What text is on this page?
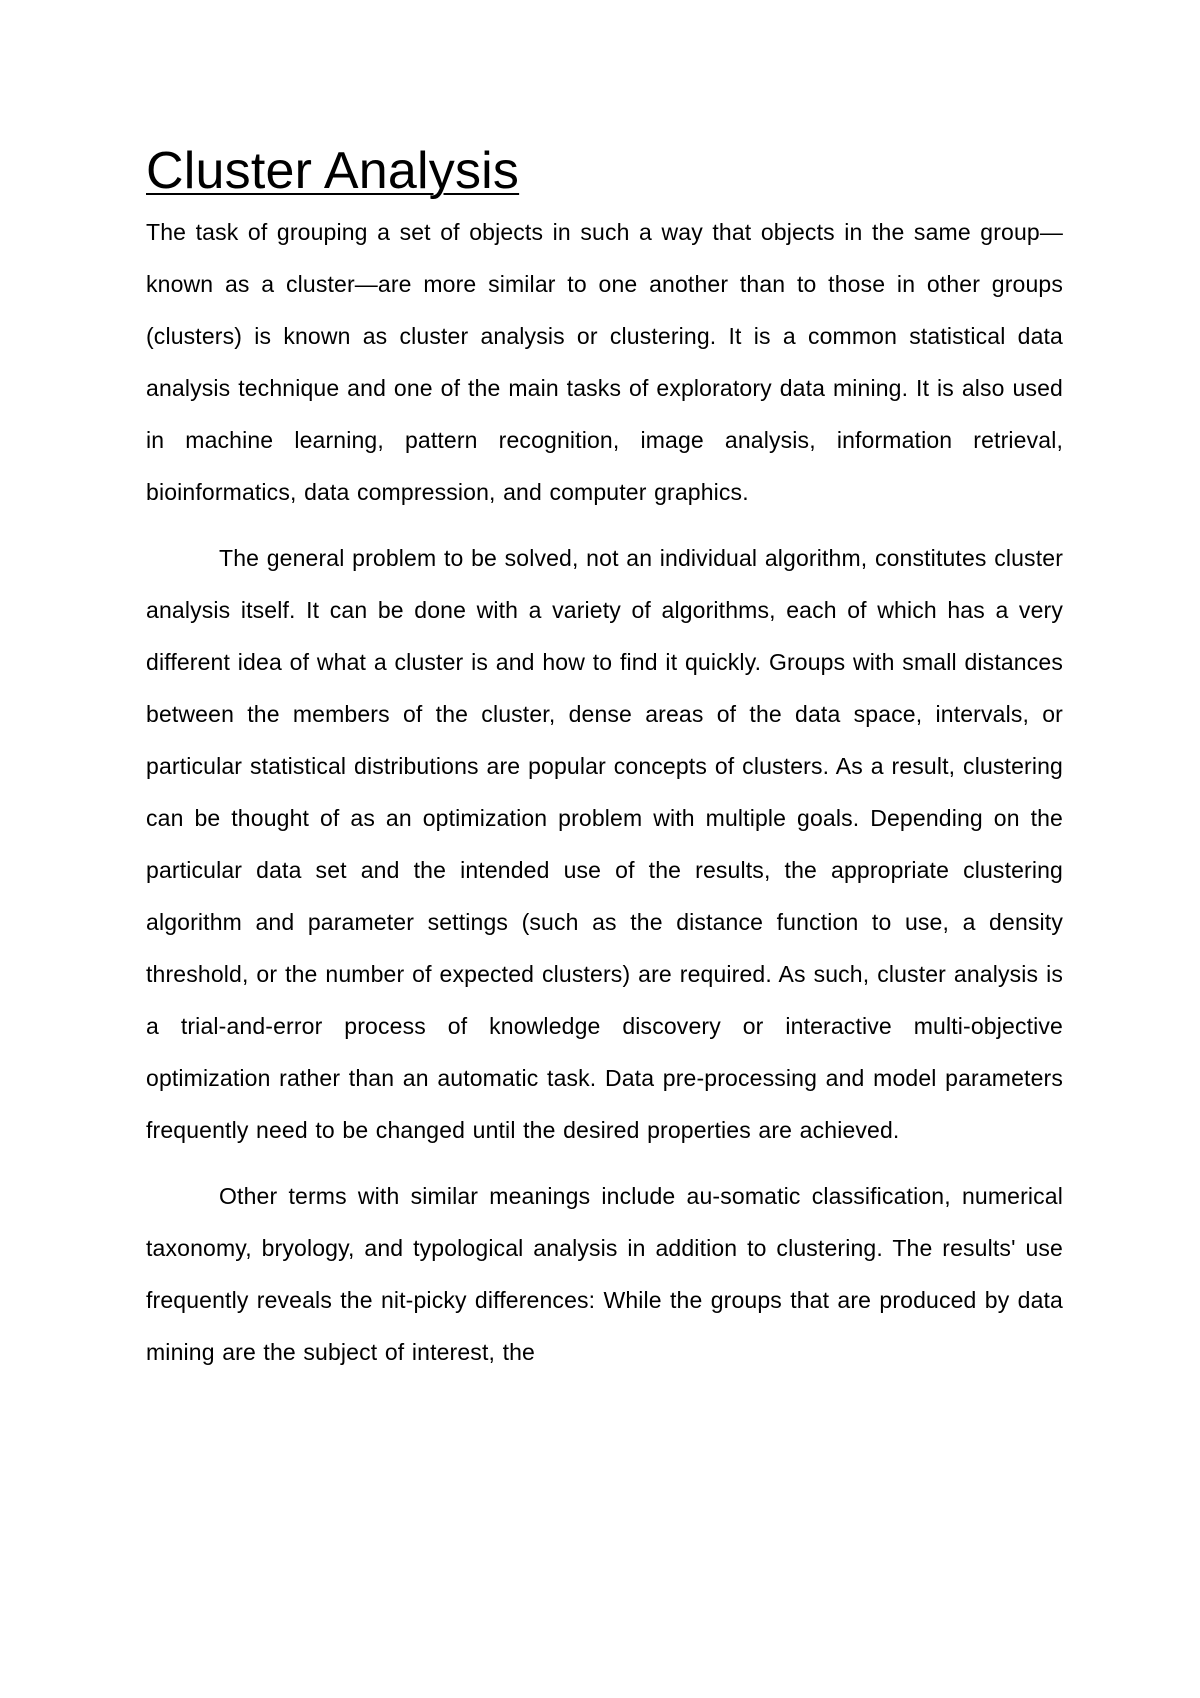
Cluster Analysis

The task of grouping a set of objects in such a way that objects in the same group—known as a cluster—are more similar to one another than to those in other groups (clusters) is known as cluster analysis or clustering. It is a common statistical data analysis technique and one of the main tasks of exploratory data mining. It is also used in machine learning, pattern recognition, image analysis, information retrieval, bioinformatics, data compression, and computer graphics.

The general problem to be solved, not an individual algorithm, constitutes cluster analysis itself. It can be done with a variety of algorithms, each of which has a very different idea of what a cluster is and how to find it quickly. Groups with small distances between the members of the cluster, dense areas of the data space, intervals, or particular statistical distributions are popular concepts of clusters. As a result, clustering can be thought of as an optimization problem with multiple goals. Depending on the particular data set and the intended use of the results, the appropriate clustering algorithm and parameter settings (such as the distance function to use, a density threshold, or the number of expected clusters) are required. As such, cluster analysis is a trial-and-error process of knowledge discovery or interactive multi-objective optimization rather than an automatic task. Data pre-processing and model parameters frequently need to be changed until the desired properties are achieved.

Other terms with similar meanings include au-somatic classification, numerical taxonomy, bryology, and typological analysis in addition to clustering. The results' use frequently reveals the nit-picky differences: While the groups that are produced by data mining are the subject of interest, the
